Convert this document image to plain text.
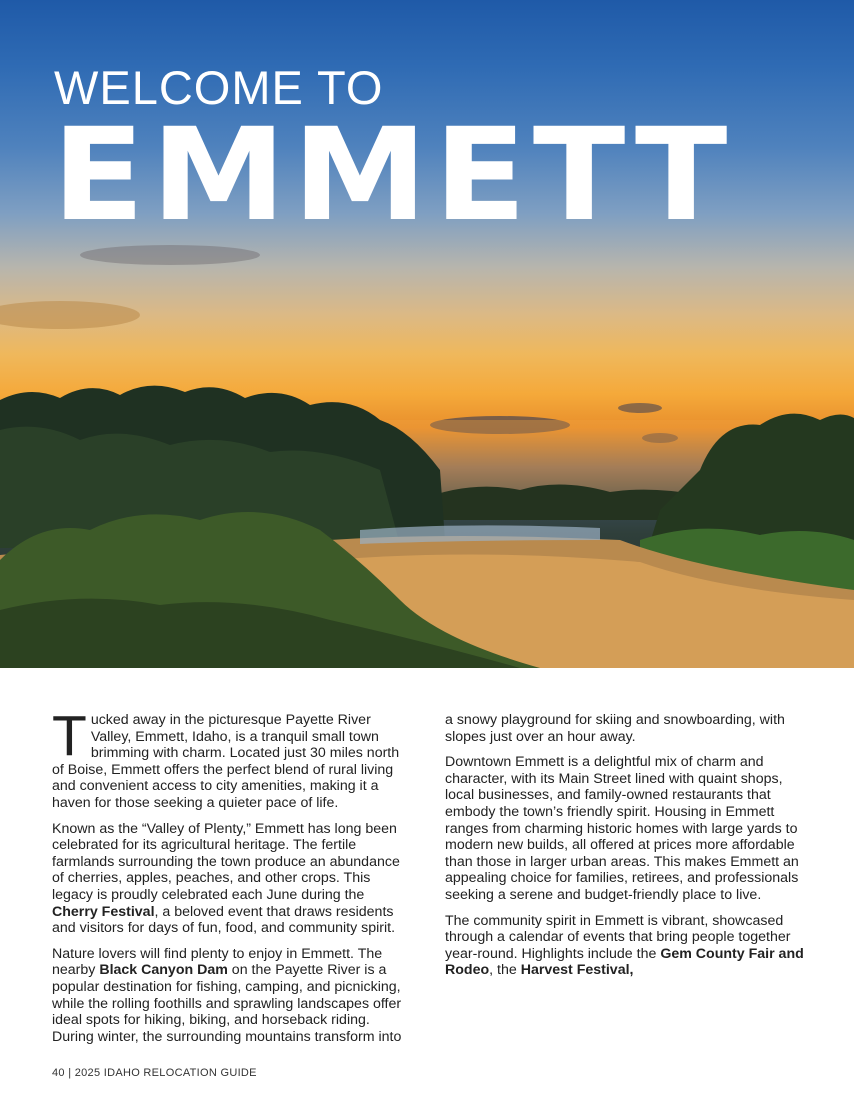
WELCOME TO
EMMETT

Tucked away in the picturesque Payette River Valley, Emmett, Idaho, is a tranquil small town brimming with charm. Located just 30 miles north of Boise, Emmett offers the perfect blend of rural living and convenient access to city amenities, making it a haven for those seeking a quieter pace of life.

Known as the “Valley of Plenty,” Emmett has long been celebrated for its agricultural heritage. The fertile farmlands surrounding the town produce an abundance of cherries, apples, peaches, and other crops. This legacy is proudly celebrated each June during the Cherry Festival, a beloved event that draws residents and visitors for days of fun, food, and community spirit.

Nature lovers will find plenty to enjoy in Emmett. The nearby Black Canyon Dam on the Payette River is a popular destination for fishing, camping, and picnicking, while the rolling foothills and sprawling landscapes offer ideal spots for hiking, biking, and horseback riding. During winter, the surrounding mountains transform into a snowy playground for skiing and snowboarding, with slopes just over an hour away.

Downtown Emmett is a delightful mix of charm and character, with its Main Street lined with quaint shops, local businesses, and family-owned restaurants that embody the town’s friendly spirit. Housing in Emmett ranges from charming historic homes with large yards to modern new builds, all offered at prices more affordable than those in larger urban areas. This makes Emmett an appealing choice for families, retirees, and professionals seeking a serene and budget-friendly place to live.

The community spirit in Emmett is vibrant, showcased through a calendar of events that bring people together year-round. Highlights include the Gem County Fair and Rodeo, the Harvest Festival,

40 | 2025 IDAHO RELOCATION GUIDE
